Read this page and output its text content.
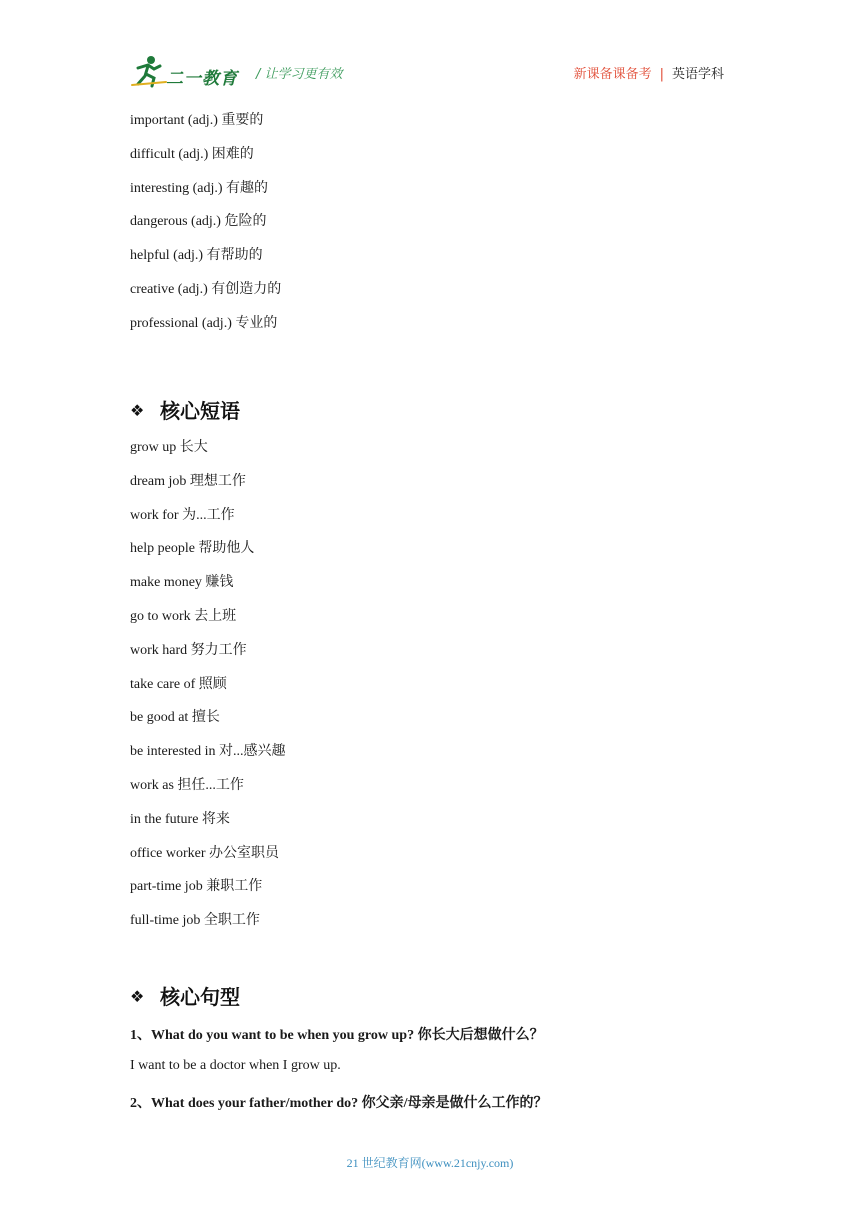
二一教育 / 让学习更有效	新课备课备考 | 英语学科
important (adj.) 重要的
difficult (adj.) 困难的
interesting (adj.) 有趣的
dangerous (adj.) 危险的
helpful (adj.) 有帮助的
creative (adj.) 有创造力的
professional (adj.) 专业的
❖ 核心短语
grow up 长大
dream job 理想工作
work for 为...工作
help people 帮助他人
make money 赚钱
go to work 去上班
work hard 努力工作
take care of 照顾
be good at 擅长
be interested in 对...感兴趣
work as 担任...工作
in the future 将来
office worker 办公室职员
part-time job 兼职工作
full-time job 全职工作
❖ 核心句型
1、What do you want to be when you grow up? 你长大后想做什么？
I want to be a doctor when I grow up.
2、What does your father/mother do? 你父亲/母亲是做什么工作的？
21 世纪教育网(www.21cnjy.com)
